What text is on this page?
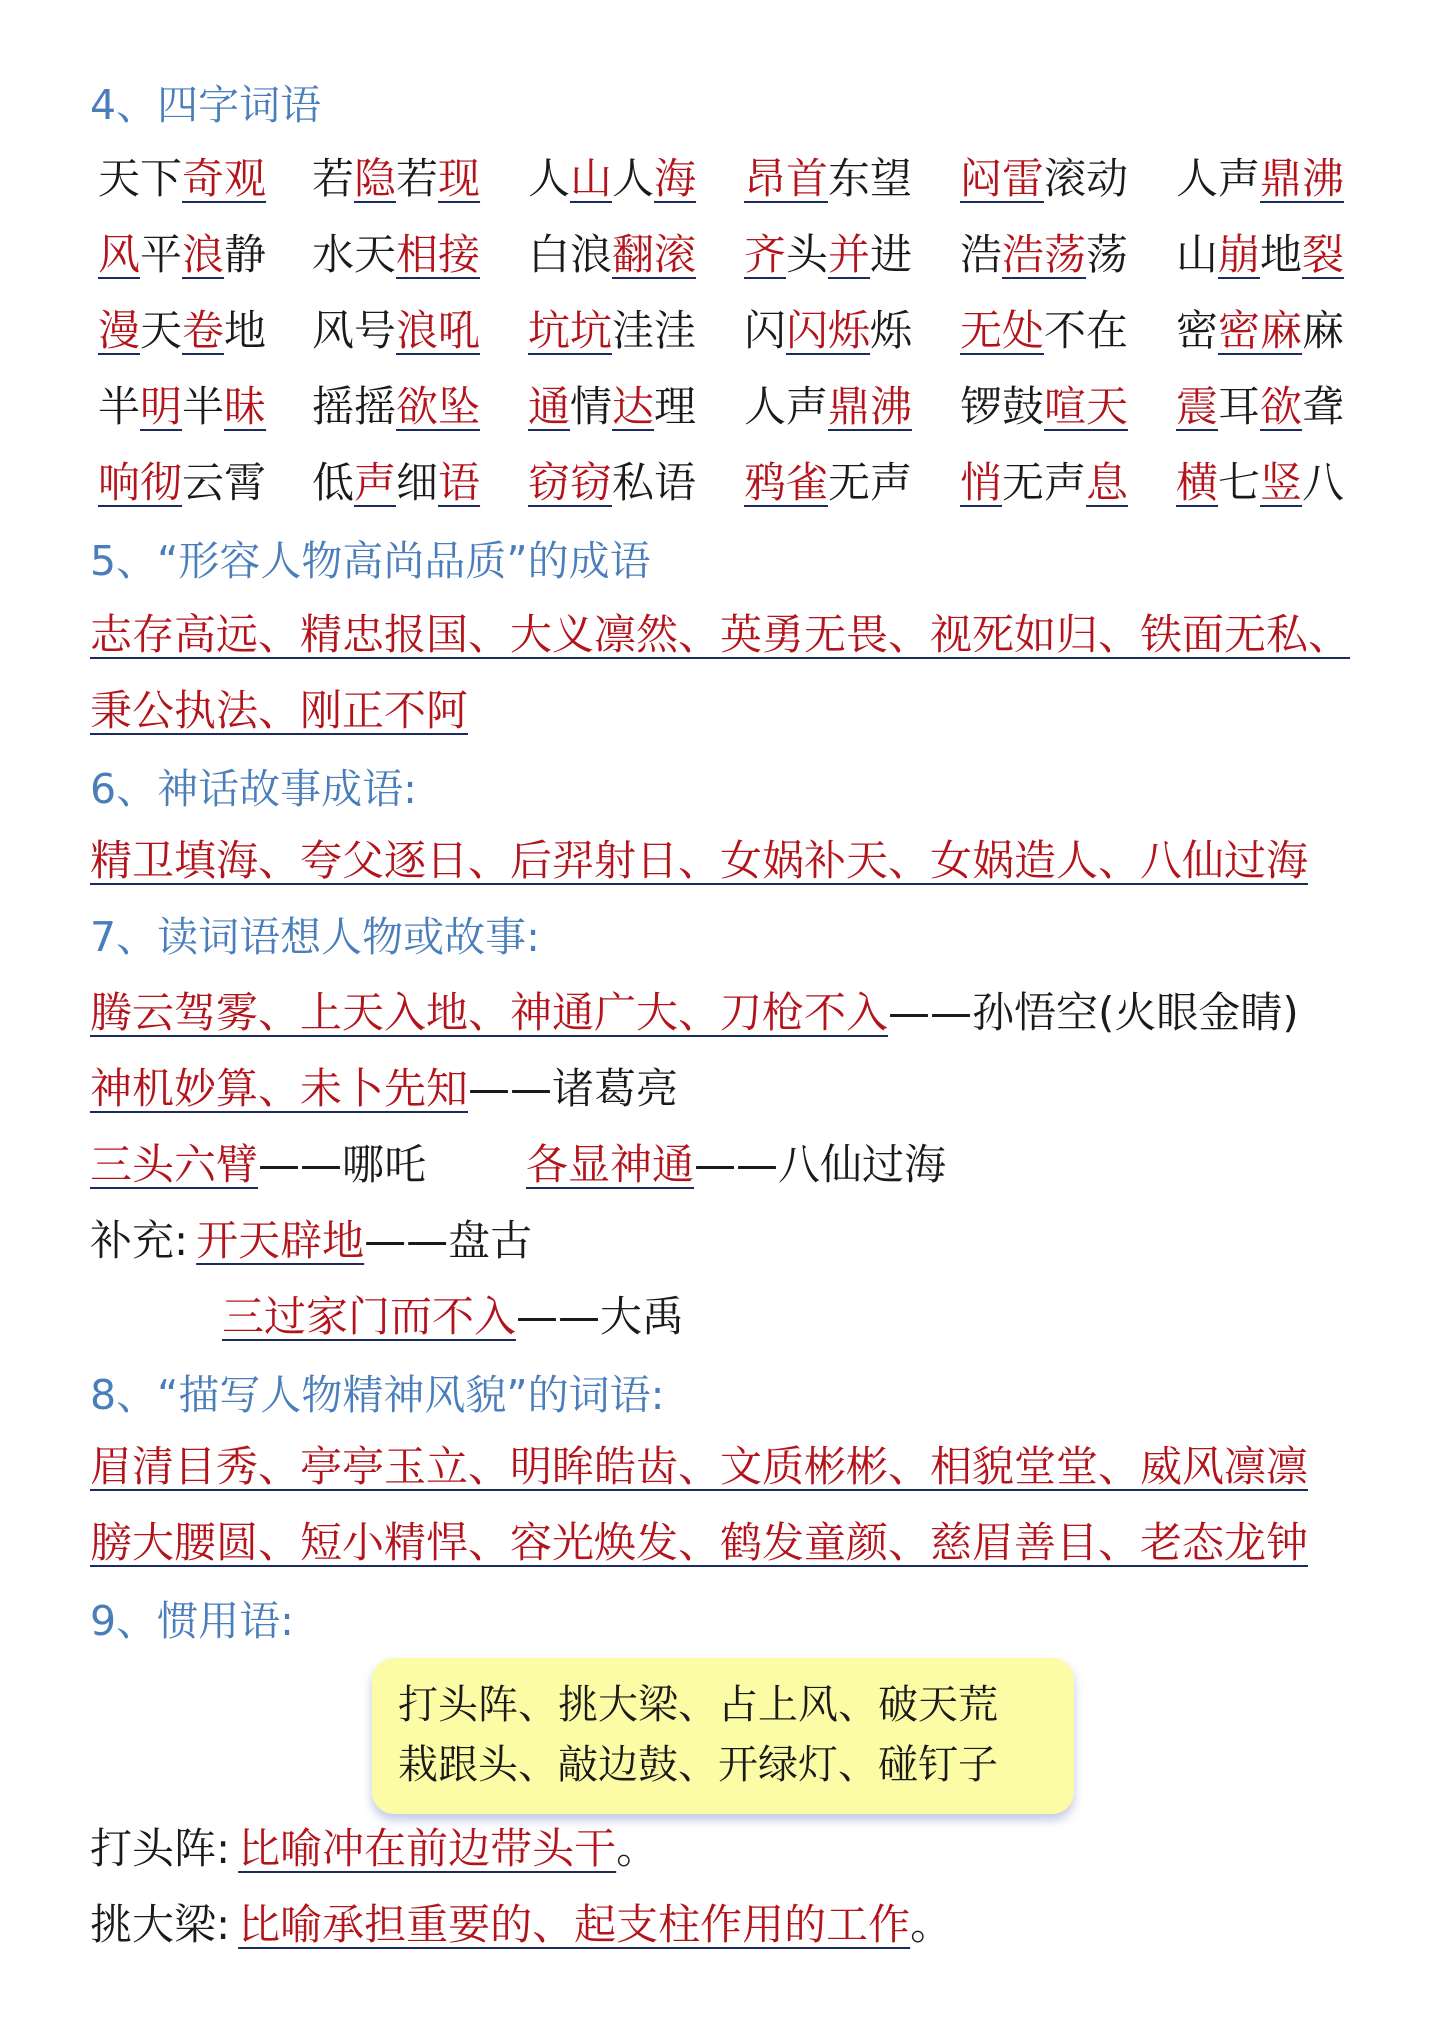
4、四字词语
天下奇观 若隐若现 人山人海 昂首东望 闷雷滚动 人声鼎沸
风平浪静 水天相接 白浪翻滚 齐头并进 浩浩荡荡 山崩地裂
漫天卷地 风号浪吼 坑坑洼洼 闪闪烁烁 无处不在 密密麻麻
半明半昧 摇摇欲坠 通情达理 人声鼎沸 锣鼓喧天 震耳欲聋
响彻云霄 低声细语 窃窃私语 鸦雀无声 悄无声息 横七竖八
5、“形容人物高尚品质”的成语
志存高远、精忠报国、大义凛然、英勇无畏、视死如归、铁面无私、
秉公执法、刚正不阿
6、神话故事成语:
精卫填海、夸父逐日、后羿射日、女娲补天、女娲造人、八仙过海
7、读词语想人物或故事:
腾云驾雾、上天入地、神通广大、刀枪不入——孙悟空(火眼金睛)
神机妙算、未卜先知——诸葛亮
三头六臂——哪吒 各显神通——八仙过海
补充: 开天辟地——盘古
三过家门而不入——大禹
8、“描写人物精神风貌”的词语:
眉清目秀、亭亭玉立、明眸皓齿、文质彬彬、相貌堂堂、威风凛凛
膀大腰圆、短小精悍、容光焕发、鹤发童颜、慈眉善目、老态龙钟
9、惯用语:
打头阵、挑大梁、占上风、破天荒
栽跟头、敲边鼓、开绿灯、碰钉子
打头阵: 比喻冲在前边带头干。
挑大梁: 比喻承担重要的、起支柱作用的工作。
